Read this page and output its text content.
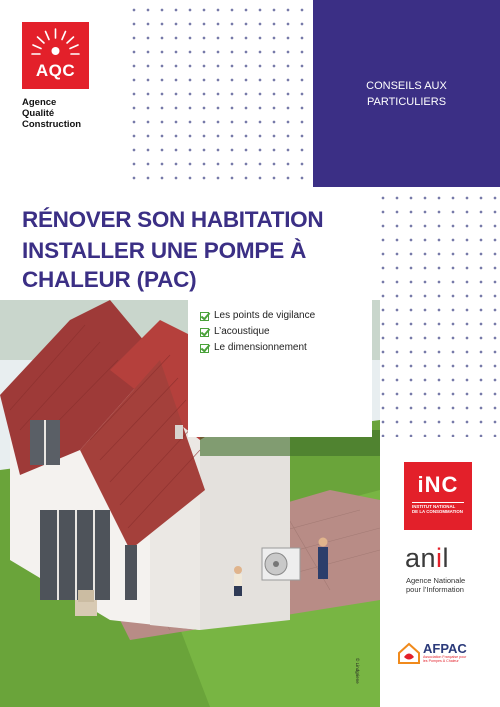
AQC
Agence
Qualité
Construction
CONSEILS AUX
PARTICULIERS
RÉNOVER SON HABITATION
INSTALLER UNE POMPE À CHALEUR (PAC)
Les points de vigilance
L’acoustique
Le dimensionnement
iNC
INSTITUT NATIONAL
DE LA CONSOMMATION
anil
Agence Nationale
pour l’Information
AFPAC
Association Française pour
les Pompes À Chaleur
© Lindgriene
